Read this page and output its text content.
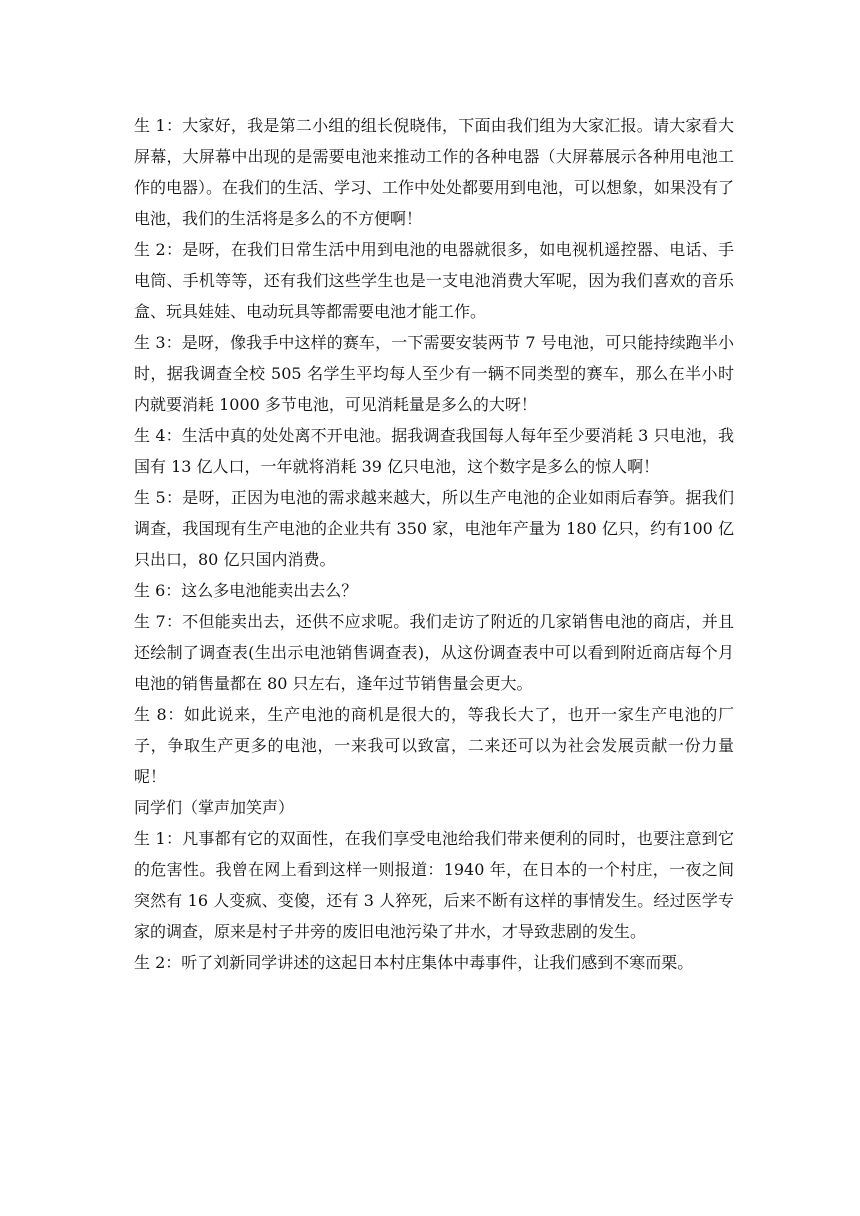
生 1：大家好，我是第二小组的组长倪晓伟，下面由我们组为大家汇报。请大家看大屏幕，大屏幕中出现的是需要电池来推动工作的各种电器（大屏幕展示各种用电池工作的电器）。在我们的生活、学习、工作中处处都要用到电池，可以想象，如果没有了电池，我们的生活将是多么的不方便啊！

生 2：是呀，在我们日常生活中用到电池的电器就很多，如电视机遥控器、电话、手电筒、手机等等，还有我们这些学生也是一支电池消费大军呢，因为我们喜欢的音乐盒、玩具娃娃、电动玩具等都需要电池才能工作。

生 3：是呀，像我手中这样的赛车，一下需要安装两节 7 号电池，可只能持续跑半小时，据我调查全校 505 名学生平均每人至少有一辆不同类型的赛车，那么在半小时内就要消耗 1000 多节电池，可见消耗量是多么的大呀！

生 4：生活中真的处处离不开电池。据我调查我国每人每年至少要消耗 3 只电池，我国有 13 亿人口，一年就将消耗 39 亿只电池，这个数字是多么的惊人啊！

生 5：是呀，正因为电池的需求越来越大，所以生产电池的企业如雨后春笋。据我们调查，我国现有生产电池的企业共有 350 家，电池年产量为 180 亿只，约有100 亿只出口，80 亿只国内消费。

生 6：这么多电池能卖出去么？

生 7：不但能卖出去，还供不应求呢。我们走访了附近的几家销售电池的商店，并且还绘制了调查表(生出示电池销售调查表)，从这份调查表中可以看到附近商店每个月电池的销售量都在 80 只左右，逢年过节销售量会更大。

生 8：如此说来，生产电池的商机是很大的，等我长大了，也开一家生产电池的厂子，争取生产更多的电池，一来我可以致富，二来还可以为社会发展贡献一份力量呢！

同学们（掌声加笑声）

生 1：凡事都有它的双面性，在我们享受电池给我们带来便利的同时，也要注意到它的危害性。我曾在网上看到这样一则报道：1940 年，在日本的一个村庄，一夜之间突然有 16 人变疯、变傻，还有 3 人猝死，后来不断有这样的事情发生。经过医学专家的调查，原来是村子井旁的废旧电池污染了井水，才导致悲剧的发生。

生 2：听了刘新同学讲述的这起日本村庄集体中毒事件，让我们感到不寒而栗。
